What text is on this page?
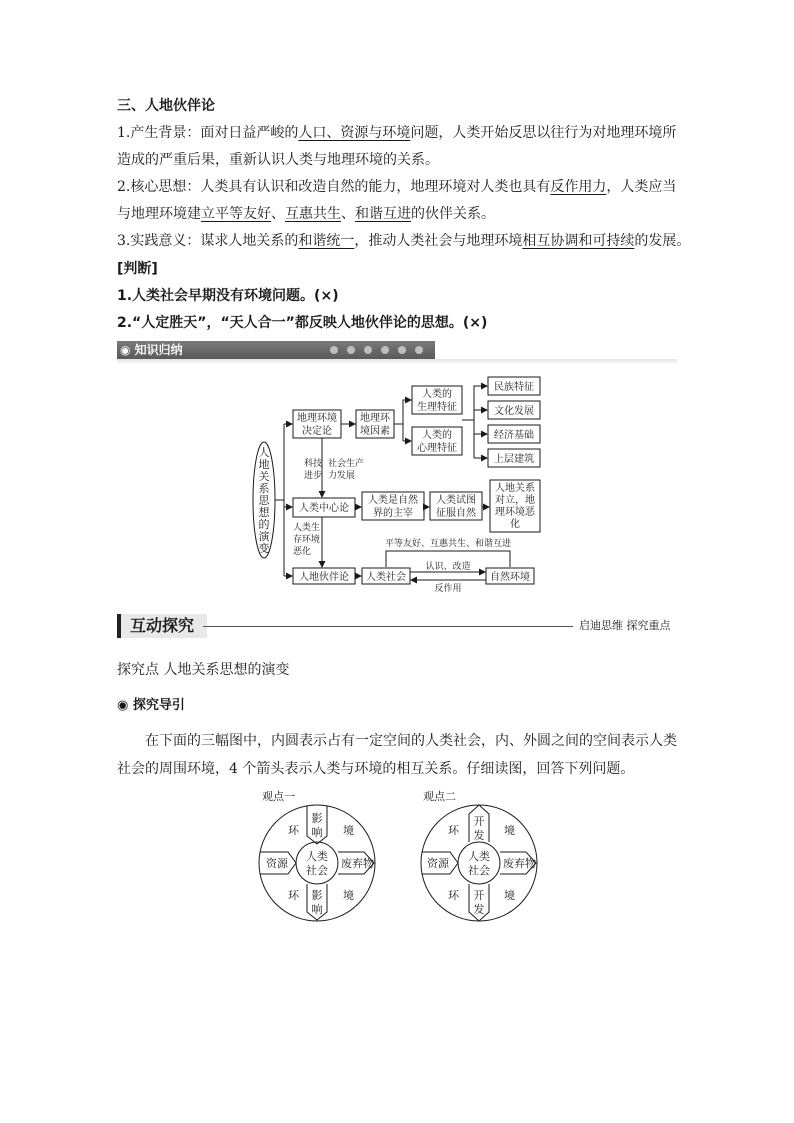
三、人地伙伴论
1.产生背景：面对日益严峻的人口、资源与环境问题，人类开始反思以往行为对地理环境所
造成的严重后果，重新认识人类与地理环境的关系。
2.核心思想：人类具有认识和改造自然的能力，地理环境对人类也具有反作用力，人类应当
与地理环境建立平等友好、互惠共生、和谐互进的伙伴关系。
3.实践意义：谋求人地关系的和谐统一，推动人类社会与地理环境相互协调和可持续的发展。
[判断]
1.人类社会早期没有环境问题。(×)
2.“人定胜天”，“天人合一”都反映人地伙伴论的思想。(×)
◉ 知识归纳
人地关系思想的演变
地理环境
决定论
地理环
境因素
人类的
生理特征
人类的
心理特征
民族特征
文化发展
经济基础
上层建筑
人类中心论
人类是自然
界的主宰
人类试图
征服自然
人地关系
对立，地
理环境恶
化
人地伙伴论 人类社会	自然环境
科技
进步
社会生产
力发展
人类生
存环境
恶化
平等友好、互惠共生、和谐互进
认识、改造
反作用
互动探究	启迪思维 探究重点
探究点 人地关系思想的演变
◉ 探究导引
在下面的三幅图中，内圆表示占有一定空间的人类社会，内、外圆之间的空间表示人类
社会的周围环境，4 个箭头表示人类与环境的相互关系。仔细读图，回答下列问题。
观点一
人类
社会
影
响
影
响
资源	废弃物
环	境
环	境
观点二
人类
社会
开
发
开
发
资源	废弃物
环	境
环	境
